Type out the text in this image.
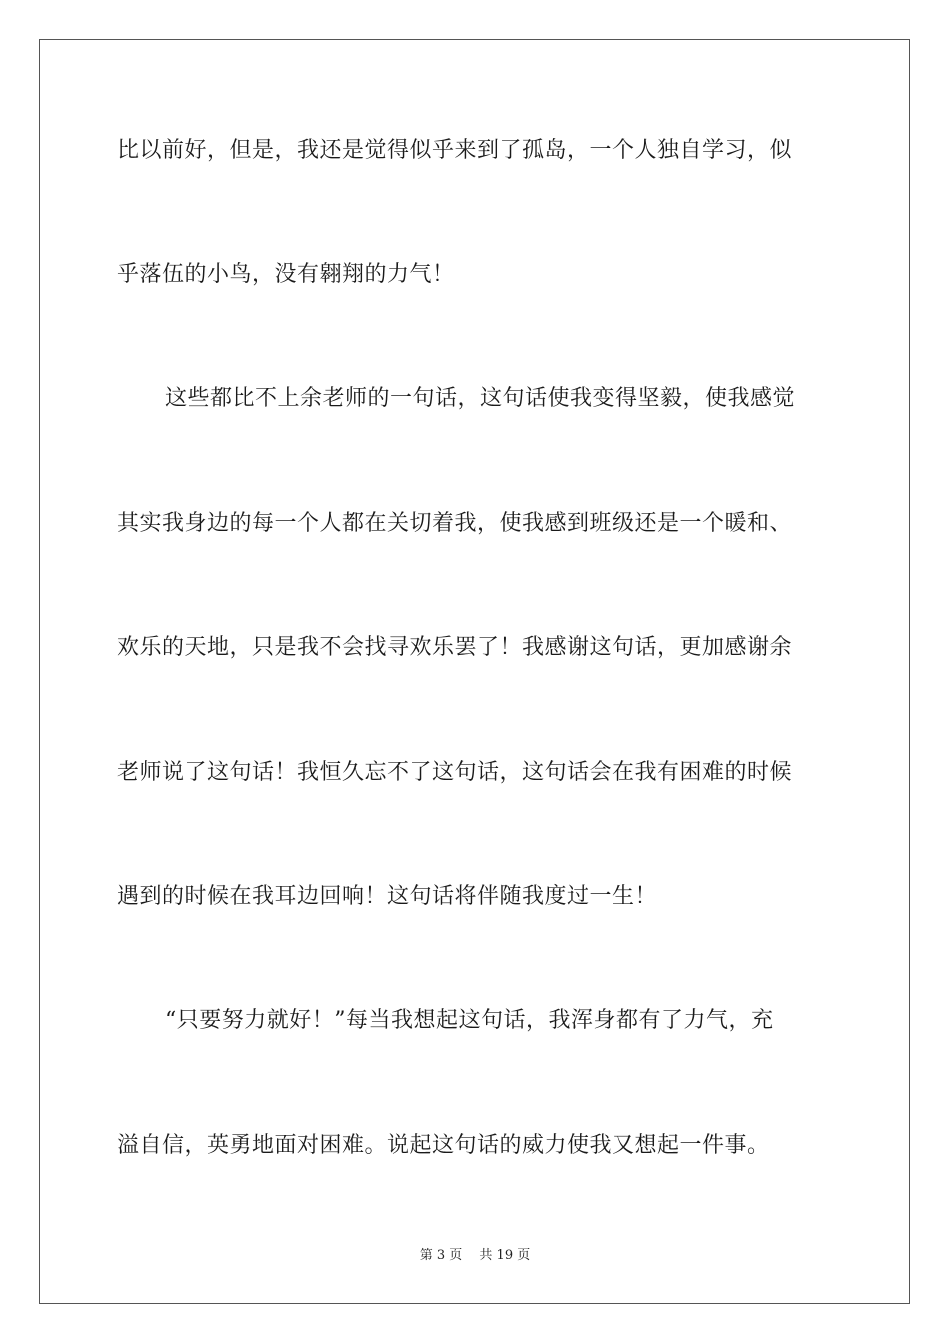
比以前好，但是，我还是觉得似乎来到了孤岛，一个人独自学习，似
乎落伍的小鸟，没有翱翔的力气！
这些都比不上余老师的一句话，这句话使我变得坚毅，使我感觉
其实我身边的每一个人都在关切着我，使我感到班级还是一个暖和、
欢乐的天地，只是我不会找寻欢乐罢了！我感谢这句话，更加感谢余
老师说了这句话！我恒久忘不了这句话，这句话会在我有困难的时候
遇到的时候在我耳边回响！这句话将伴随我度过一生！
“只要努力就好！”每当我想起这句话，我浑身都有了力气，充
溢自信，英勇地面对困难。说起这句话的威力使我又想起一件事。
第 3 页　 共 19 页
